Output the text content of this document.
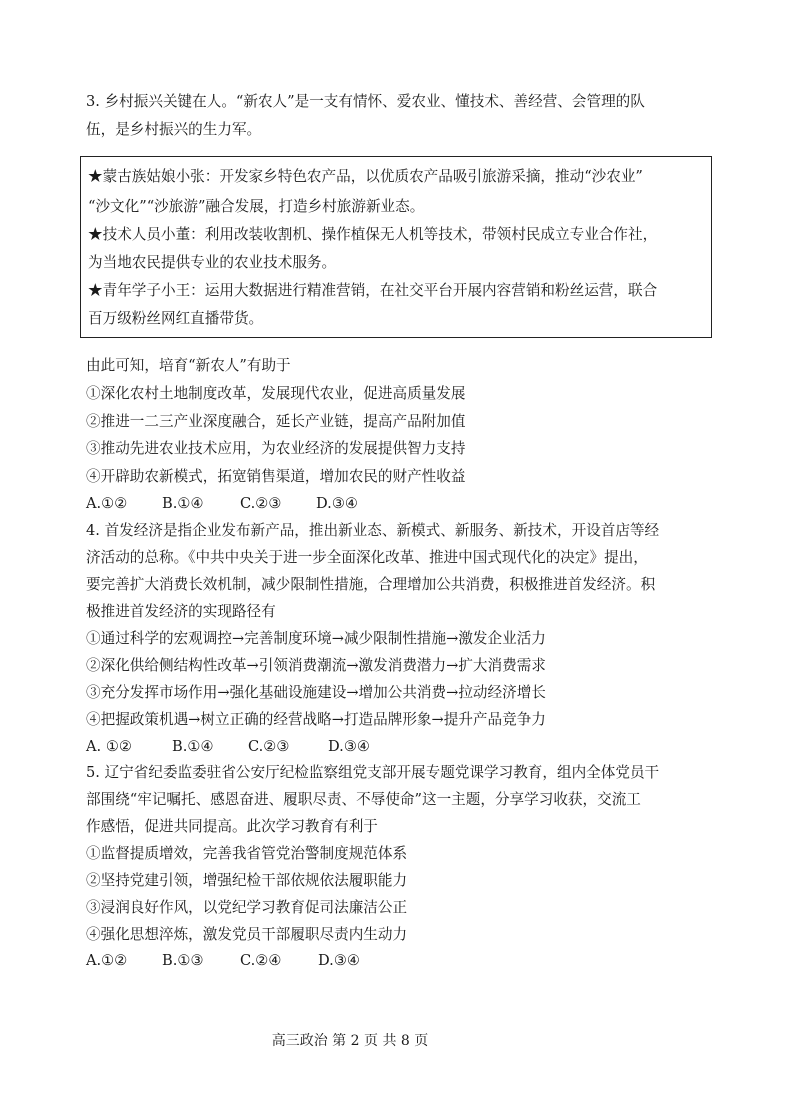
3. 乡村振兴关键在人。“新农人”是一支有情怀、爱农业、懂技术、善经营、会管理的队
伍，是乡村振兴的生力军。
★蒙古族姑娘小张：开发家乡特色农产品，以优质农产品吸引旅游采摘，推动“沙农业”
“沙文化”“沙旅游”融合发展，打造乡村旅游新业态。
★技术人员小董：利用改装收割机、操作植保无人机等技术，带领村民成立专业合作社，
为当地农民提供专业的农业技术服务。
★青年学子小王：运用大数据进行精准营销，在社交平台开展内容营销和粉丝运营，联合
百万级粉丝网红直播带货。
由此可知，培育“新农人”有助于
①深化农村土地制度改革，发展现代农业，促进高质量发展
②推进一二三产业深度融合，延长产业链，提高产品附加值
③推动先进农业技术应用，为农业经济的发展提供智力支持
④开辟助农新模式，拓宽销售渠道，增加农民的财产性收益
A.①② B.①④ C.②③ D.③④
4. 首发经济是指企业发布新产品，推出新业态、新模式、新服务、新技术，开设首店等经
济活动的总称。《中共中央关于进一步全面深化改革、推进中国式现代化的决定》提出，
要完善扩大消费长效机制，减少限制性措施，合理增加公共消费，积极推进首发经济。积
极推进首发经济的实现路径有
①通过科学的宏观调控→完善制度环境→减少限制性措施→激发企业活力
②深化供给侧结构性改革→引领消费潮流→激发消费潜力→扩大消费需求
③充分发挥市场作用→强化基础设施建设→增加公共消费→拉动经济增长
④把握政策机遇→树立正确的经营战略→打造品牌形象→提升产品竞争力
A. ①②	B.①④ C.②③	D.③④
5. 辽宁省纪委监委驻省公安厅纪检监察组党支部开展专题党课学习教育，组内全体党员干
部围绕“牢记嘱托、感恩奋进、履职尽责、不辱使命”这一主题，分享学习收获，交流工
作感悟，促进共同提高。此次学习教育有利于
①监督提质增效，完善我省管党治警制度规范体系
②坚持党建引领，增强纪检干部依规依法履职能力
③浸润良好作风，以党纪学习教育促司法廉洁公正
④强化思想淬炼，激发党员干部履职尽责内生动力
A.①② B.①③ C.②④	D.③④
高三政治 第 2 页 共 8 页
